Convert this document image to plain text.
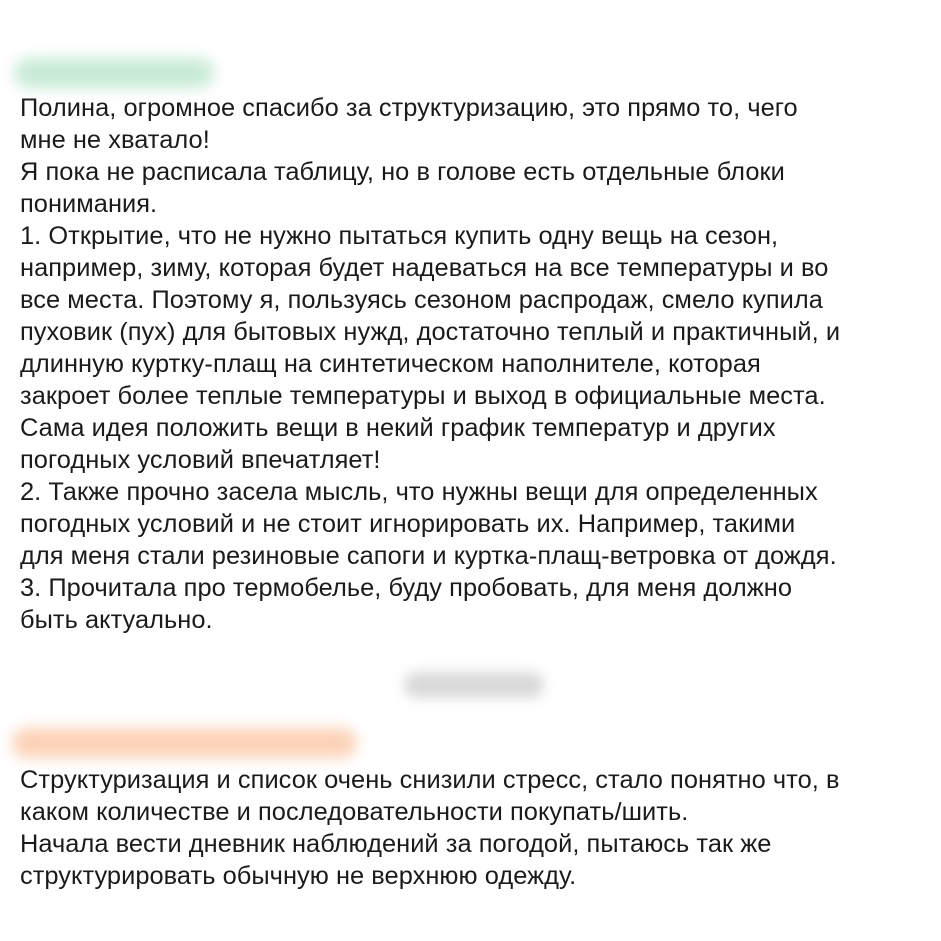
Полина, огромное спасибо за структуризацию, это прямо то, чего
мне не хватало!
Я пока не расписала таблицу, но в голове есть отдельные блоки
понимания.
1. Открытие, что не нужно пытаться купить одну вещь на сезон,
например, зиму, которая будет надеваться на все температуры и во
все места. Поэтому я, пользуясь сезоном распродаж, смело купила
пуховик (пух) для бытовых нужд, достаточно теплый и практичный, и
длинную куртку-плащ на синтетическом наполнителе, которая
закроет более теплые температуры и выход в официальные места.
Сама идея положить вещи в некий график температур и других
погодных условий впечатляет!
2. Также прочно засела мысль, что нужны вещи для определенных
погодных условий и не стоит игнорировать их. Например, такими
для меня стали резиновые сапоги и куртка-плащ-ветровка от дождя.
3. Прочитала про термобелье, буду пробовать, для меня должно
быть актуально.
Структуризация и список очень снизили стресс, стало понятно что, в
каком количестве и последовательности покупать/шить.
Начала вести дневник наблюдений за погодой, пытаюсь так же
структурировать обычную не верхнюю одежду.
